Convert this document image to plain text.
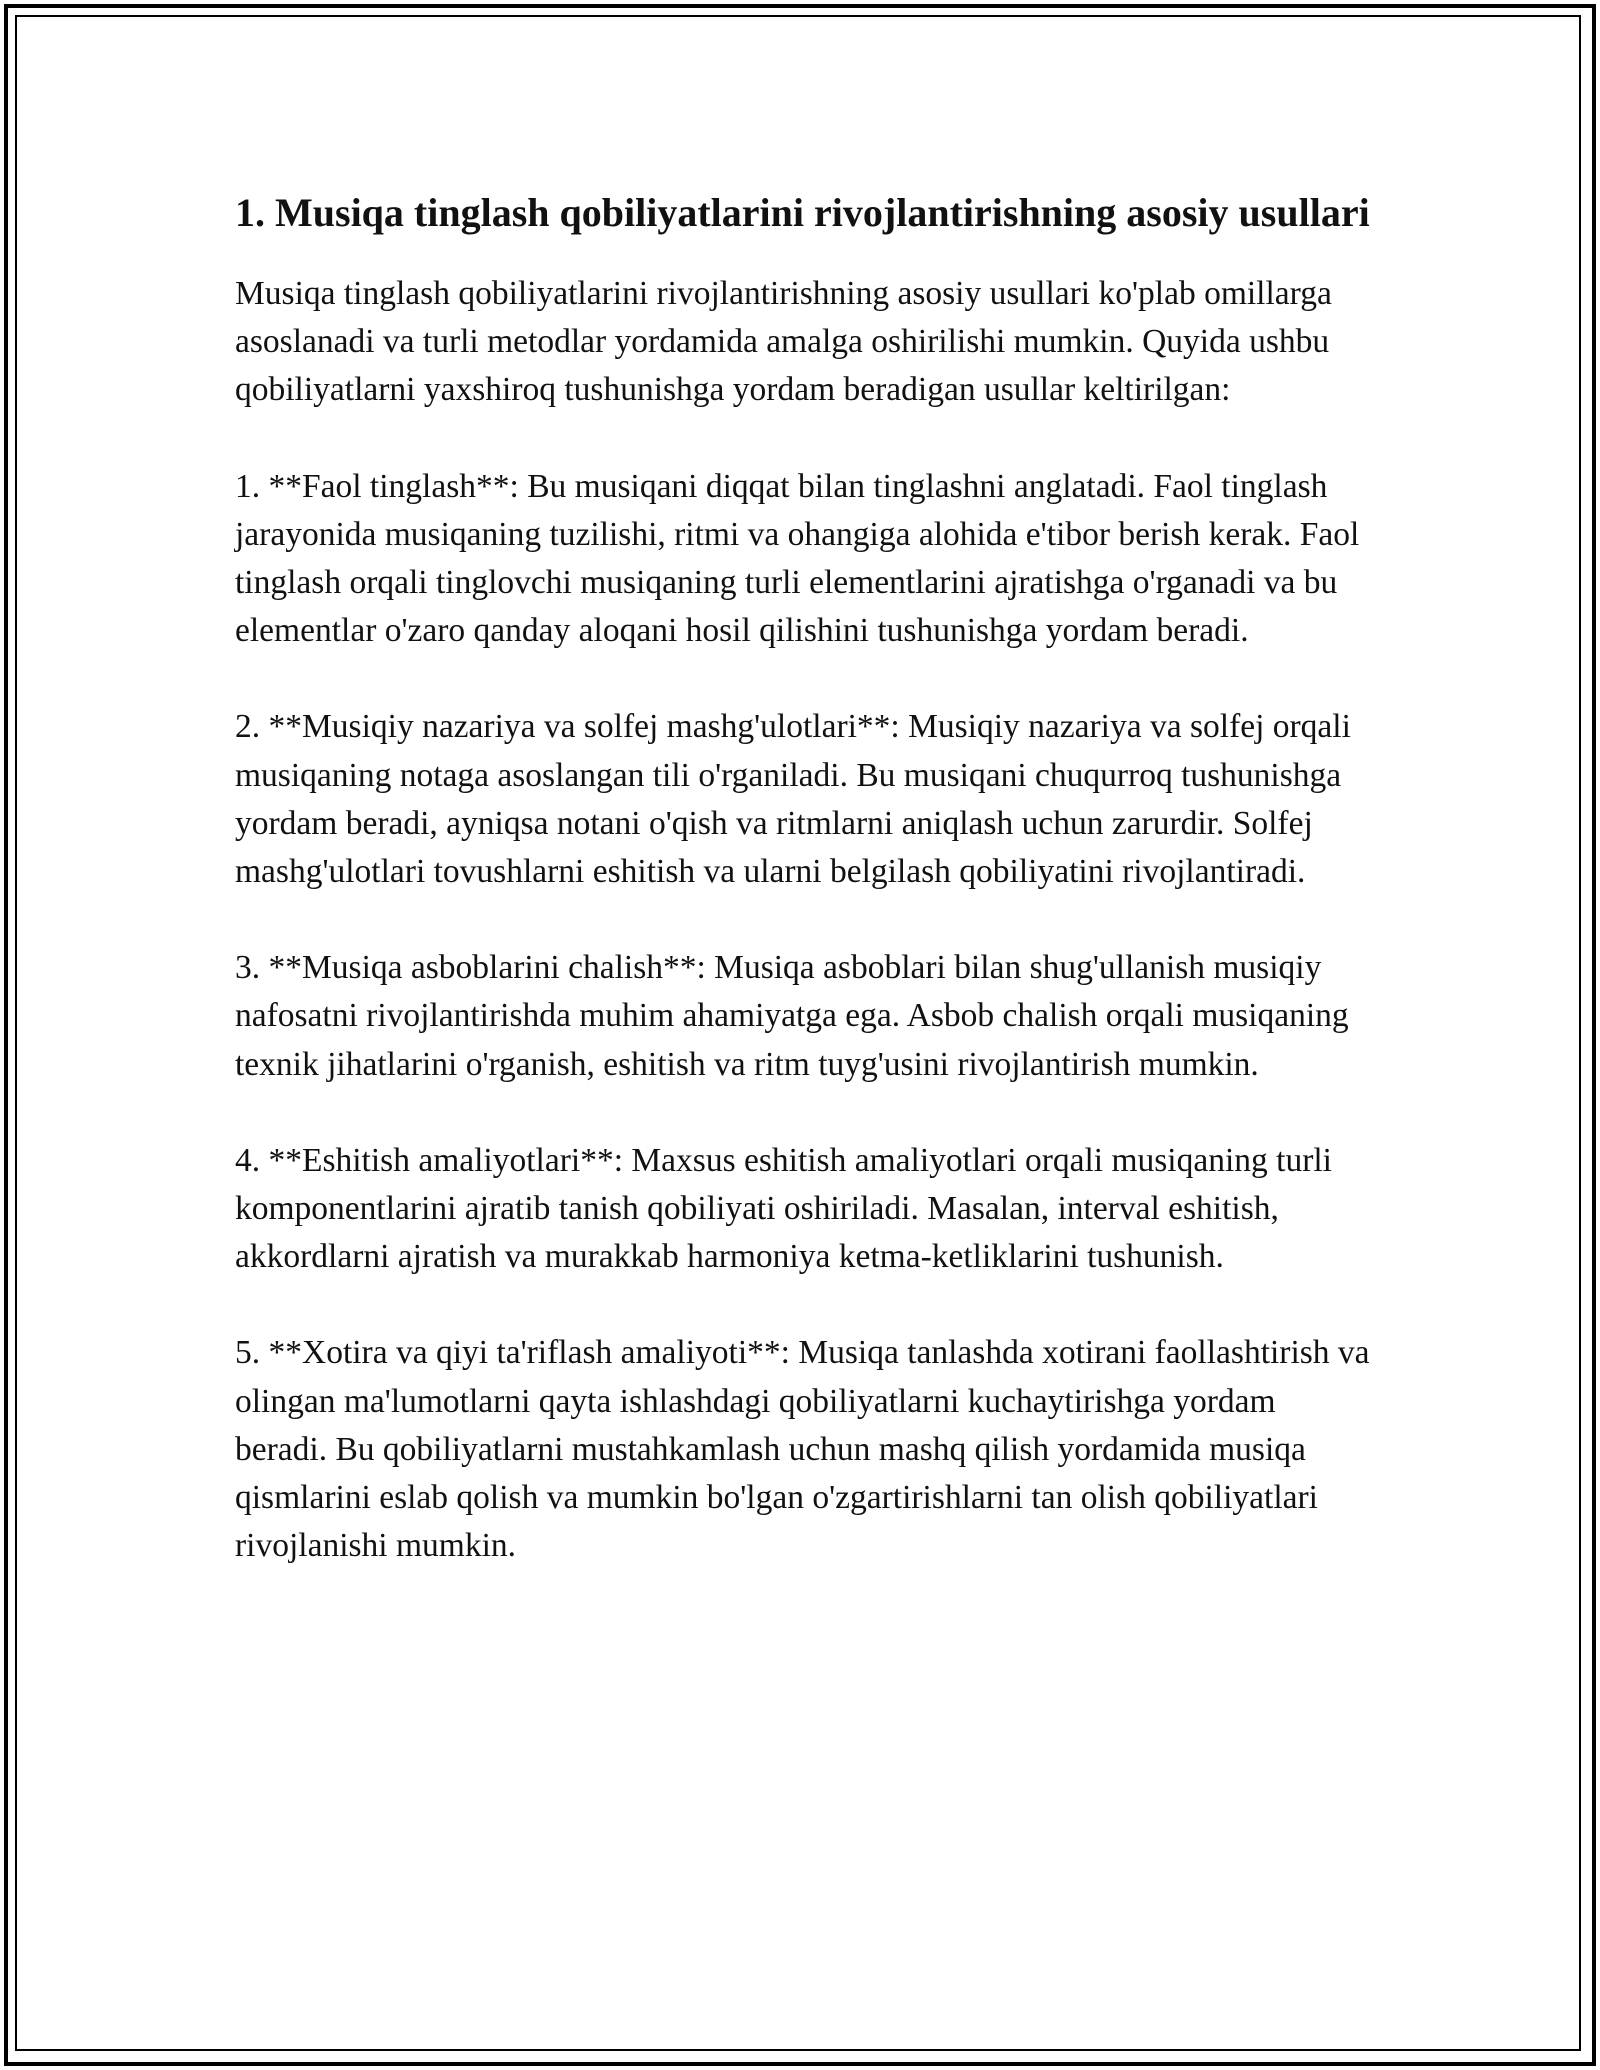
1. Musiqa tinglash qobiliyatlarini rivojlantirishning asosiy usullari

Musiqa tinglash qobiliyatlarini rivojlantirishning asosiy usullari ko'plab omillarga asoslanadi va turli metodlar yordamida amalga oshirilishi mumkin. Quyida ushbu qobiliyatlarni yaxshiroq tushunishga yordam beradigan usullar keltirilgan:

1. **Faol tinglash**: Bu musiqani diqqat bilan tinglashni anglatadi. Faol tinglash jarayonida musiqaning tuzilishi, ritmi va ohangiga alohida e'tibor berish kerak. Faol tinglash orqali tinglovchi musiqaning turli elementlarini ajratishga o'rganadi va bu elementlar o'zaro qanday aloqani hosil qilishini tushunishga yordam beradi.

2. **Musiqiy nazariya va solfej mashg'ulotlari**: Musiqiy nazariya va solfej orqali musiqaning notaga asoslangan tili o'rganiladi. Bu musiqani chuqurroq tushunishga yordam beradi, ayniqsa notani o'qish va ritmlarni aniqlash uchun zarurdir. Solfej mashg'ulotlari tovushlarni eshitish va ularni belgilash qobiliyatini rivojlantiradi.

3. **Musiqa asboblarini chalish**: Musiqa asboblari bilan shug'ullanish musiqiy nafosatni rivojlantirishda muhim ahamiyatga ega. Asbob chalish orqali musiqaning texnik jihatlarini o'rganish, eshitish va ritm tuyg'usini rivojlantirish mumkin.

4. **Eshitish amaliyotlari**: Maxsus eshitish amaliyotlari orqali musiqaning turli komponentlarini ajratib tanish qobiliyati oshiriladi. Masalan, interval eshitish, akkordlarni ajratish va murakkab harmoniya ketma-ketliklarini tushunish.

5. **Xotira va qiyi ta'riflash amaliyoti**: Musiqa tanlashda xotirani faollashtirish va olingan ma'lumotlarni qayta ishlashdagi qobiliyatlarni kuchaytirishga yordam beradi. Bu qobiliyatlarni mustahkamlash uchun mashq qilish yordamida musiqa qismlarini eslab qolish va mumkin bo'lgan o'zgartirishlarni tan olish qobiliyatlari rivojlanishi mumkin.
